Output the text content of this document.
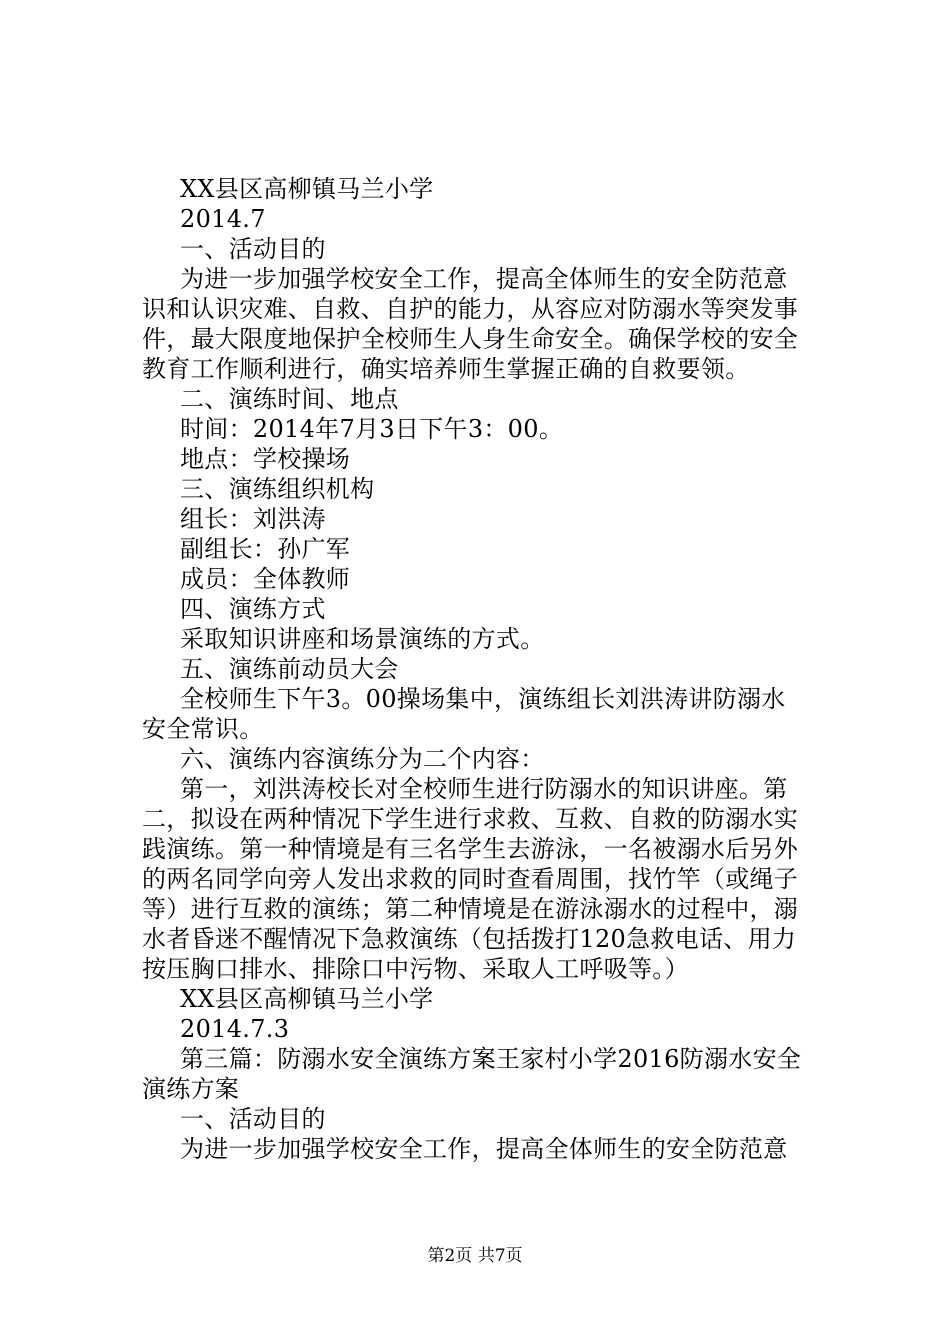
XX县区高柳镇马兰小学

2014.7

一、活动目的

为进一步加强学校安全工作，提高全体师生的安全防范意
识和认识灾难、自救、自护的能力，从容应对防溺水等突发事
件，最大限度地保护全校师生人身生命安全。确保学校的安全
教育工作顺利进行，确实培养师生掌握正确的自救要领。

二、演练时间、地点

时间：2014年7月3日下午3：00。

地点：学校操场

三、演练组织机构

组长：刘洪涛

副组长：孙广军

成员：全体教师

四、演练方式

采取知识讲座和场景演练的方式。

五、演练前动员大会

全校师生下午3。00操场集中，演练组长刘洪涛讲防溺水
安全常识。

六、演练内容演练分为二个内容：

第一，刘洪涛校长对全校师生进行防溺水的知识讲座。第
二，拟设在两种情况下学生进行求救、互救、自救的防溺水实
践演练。第一种情境是有三名学生去游泳，一名被溺水后另外
的两名同学向旁人发出求救的同时查看周围，找竹竿（或绳子
等）进行互救的演练；第二种情境是在游泳溺水的过程中，溺
水者昏迷不醒情况下急救演练（包括拨打120急救电话、用力
按压胸口排水、排除口中污物、采取人工呼吸等。）

XX县区高柳镇马兰小学

2014.7.3

第三篇：防溺水安全演练方案王家村小学2016防溺水安全
演练方案

一、活动目的

为进一步加强学校安全工作，提高全体师生的安全防范意
第2页 共7页
